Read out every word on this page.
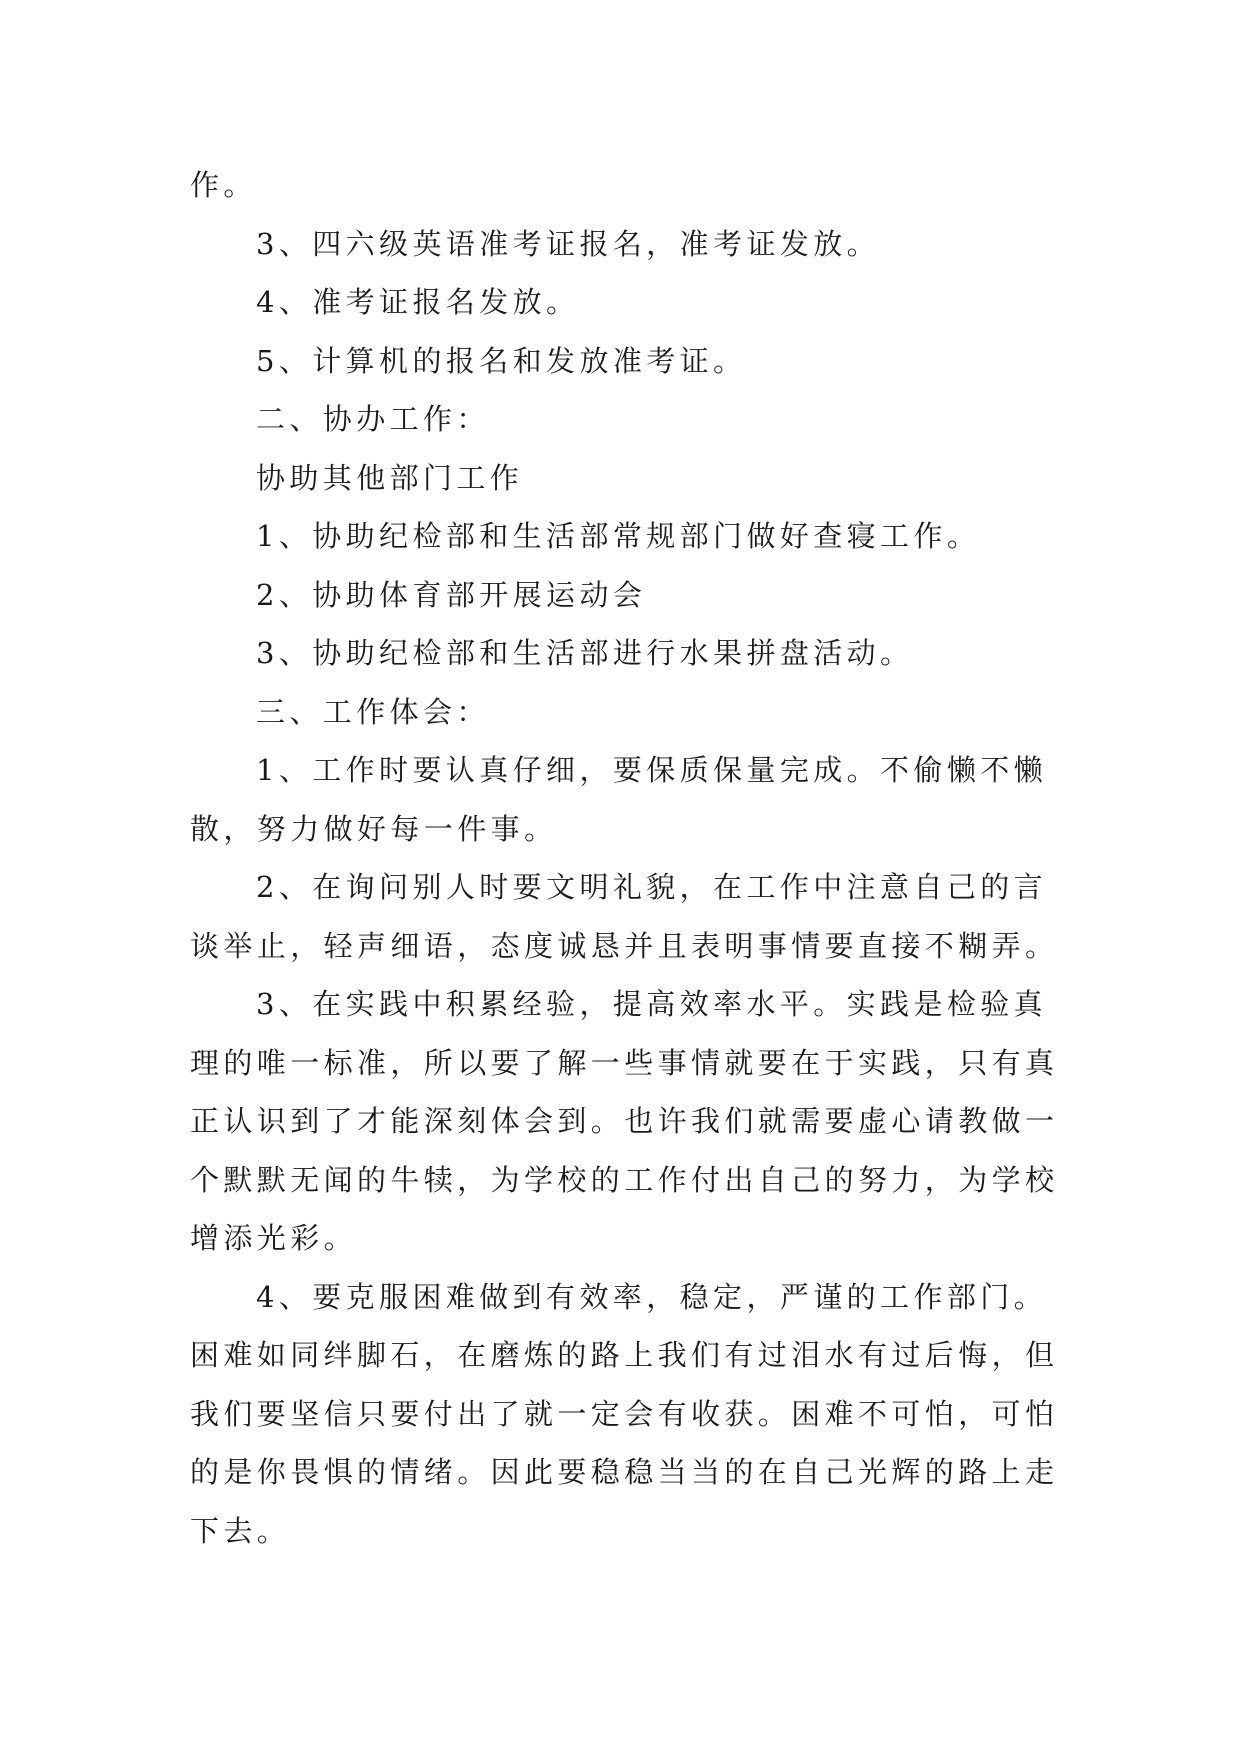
作。

3、四六级英语准考证报名，准考证发放。

4、准考证报名发放。

5、计算机的报名和发放准考证。

二、协办工作：

协助其他部门工作

1、协助纪检部和生活部常规部门做好查寝工作。

2、协助体育部开展运动会

3、协助纪检部和生活部进行水果拼盘活动。

三、工作体会：

1、工作时要认真仔细，要保质保量完成。不偷懒不懒

散，努力做好每一件事。

2、在询问别人时要文明礼貌，在工作中注意自己的言

谈举止，轻声细语，态度诚恳并且表明事情要直接不糊弄。

3、在实践中积累经验，提高效率水平。实践是检验真

理的唯一标准，所以要了解一些事情就要在于实践，只有真

正认识到了才能深刻体会到。也许我们就需要虚心请教做一

个默默无闻的牛犊，为学校的工作付出自己的努力，为学校

增添光彩。

4、要克服困难做到有效率，稳定，严谨的工作部门。

困难如同绊脚石，在磨炼的路上我们有过泪水有过后悔，但

我们要坚信只要付出了就一定会有收获。困难不可怕，可怕

的是你畏惧的情绪。因此要稳稳当当的在自己光辉的路上走

下去。
